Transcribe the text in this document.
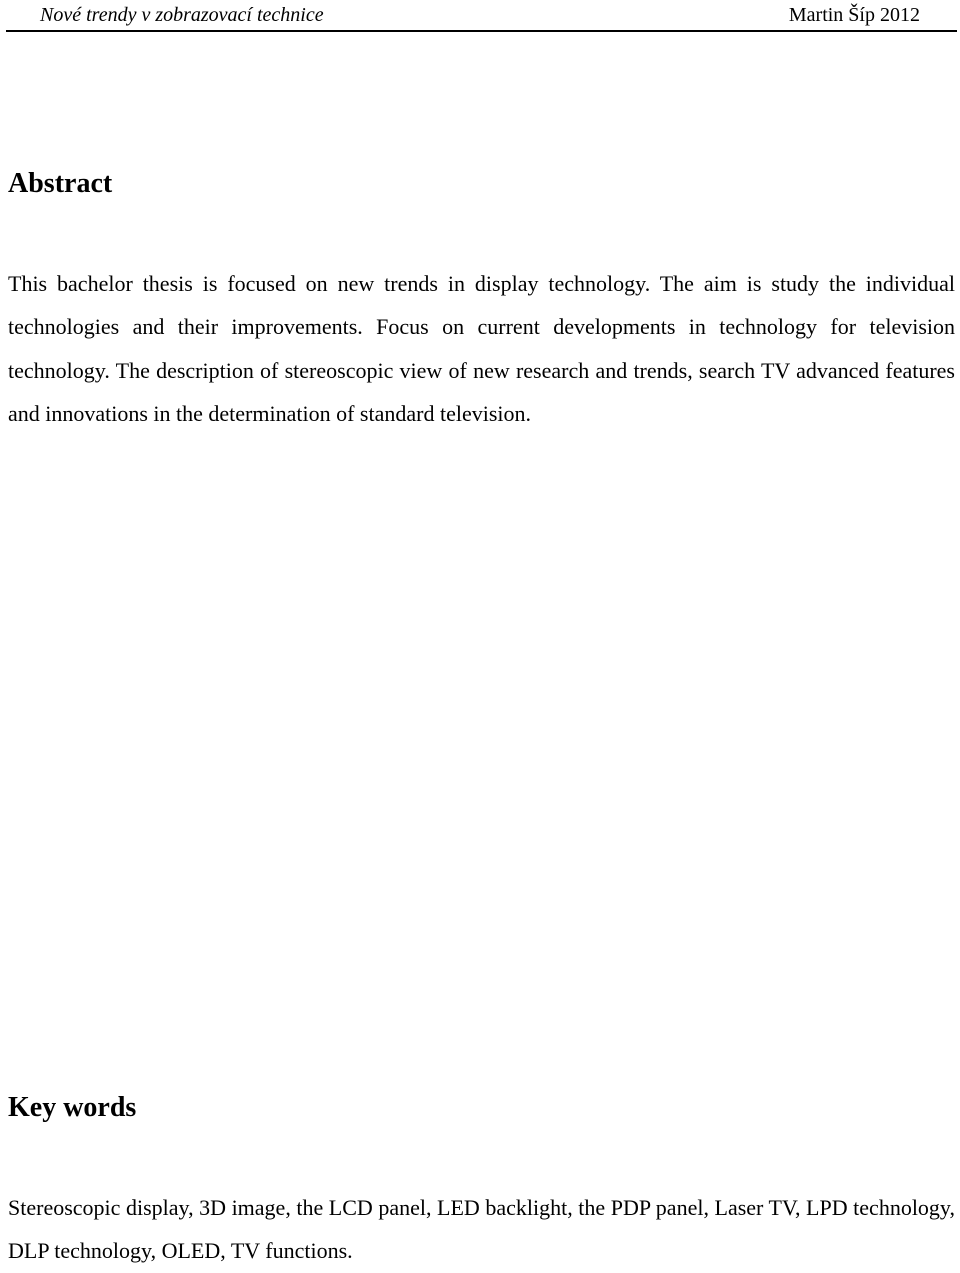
Nové trendy v zobrazovací technice	Martin Šíp 2012
Abstract

This bachelor thesis is focused on new trends in display technology. The aim is study the individual technologies and their improvements. Focus on current developments in technology for television technology. The description of stereoscopic view of new research and trends, search TV advanced features and innovations in the determination of standard television.

Key words

Stereoscopic display, 3D image, the LCD panel, LED backlight, the PDP panel, Laser TV, LPD technology, DLP technology, OLED, TV functions.
